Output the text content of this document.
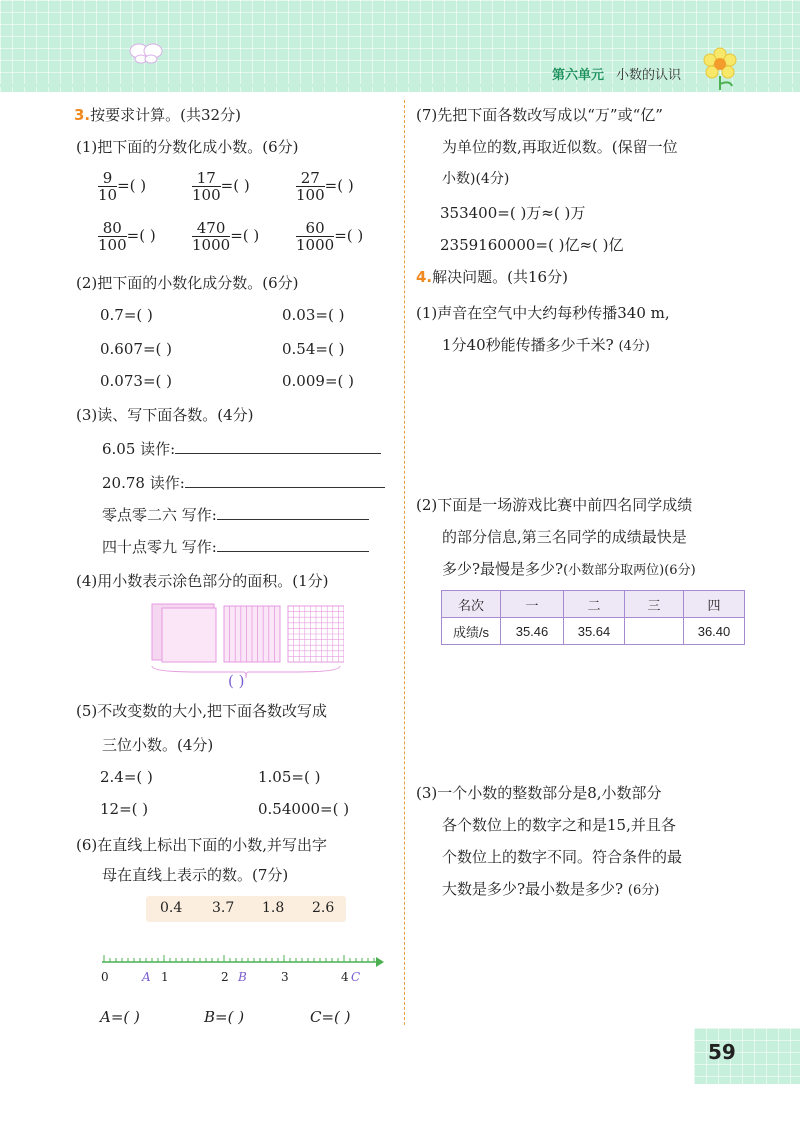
第六单元 小数的认识
3.按要求计算。(共32分)
(1)把下面的分数化成小数。(6分)
$\frac{9}{10}$ =( )	$\frac{17}{100}$ =( )	$\frac{27}{100}$ =( )
$\frac{80}{100}$ =( ) $\frac{470}{1000}$ =( ) $\frac{60}{1000}$ =( )
(2)把下面的小数化成分数。(6分)
0.7=( )	0.03=( )
0.607=( )	0.54=( )
0.073=( )	0.009=( )
(3)读、写下面各数。(4分)
6.05 读作:
20.78 读作:
零点零二六 写作:
四十点零九 写作:
(4)用小数表示涂色部分的面积。(1分)
( )
(5)不改变数的大小,把下面各数改写成
三位小数。(4分)
2.4=( )	1.05=( )
12=( )	0.54000=( )
(6)在直线上标出下面的小数,并写出字
母在直线上表示的数。(7分)
0.4 3.7 1.8 2.6
0	1	2	3	4
A	B	C
A=( )	B=( )	C=( )
(7)先把下面各数改写成以“万”或“亿”
为单位的数,再取近似数。(保留一位
小数)(4分)
353400=( )万≈( )万
2359160000=( )亿≈( )亿
4.解决问题。(共16分)
(1)声音在空气中大约每秒传播340 m,
1分40秒能传播多少千米? (4分)
(2)下面是一场游戏比赛中前四名同学成绩
的部分信息,第三名同学的成绩最快是
多少?最慢是多少?(小数部分取两位)(6分)
名次	一	二	三	四
成绩/s	35.46	35.64		36.40
(3)一个小数的整数部分是8,小数部分
各个数位上的数字之和是15,并且各
个数位上的数字不同。符合条件的最
大数是多少?最小数是多少? (6分)
59
